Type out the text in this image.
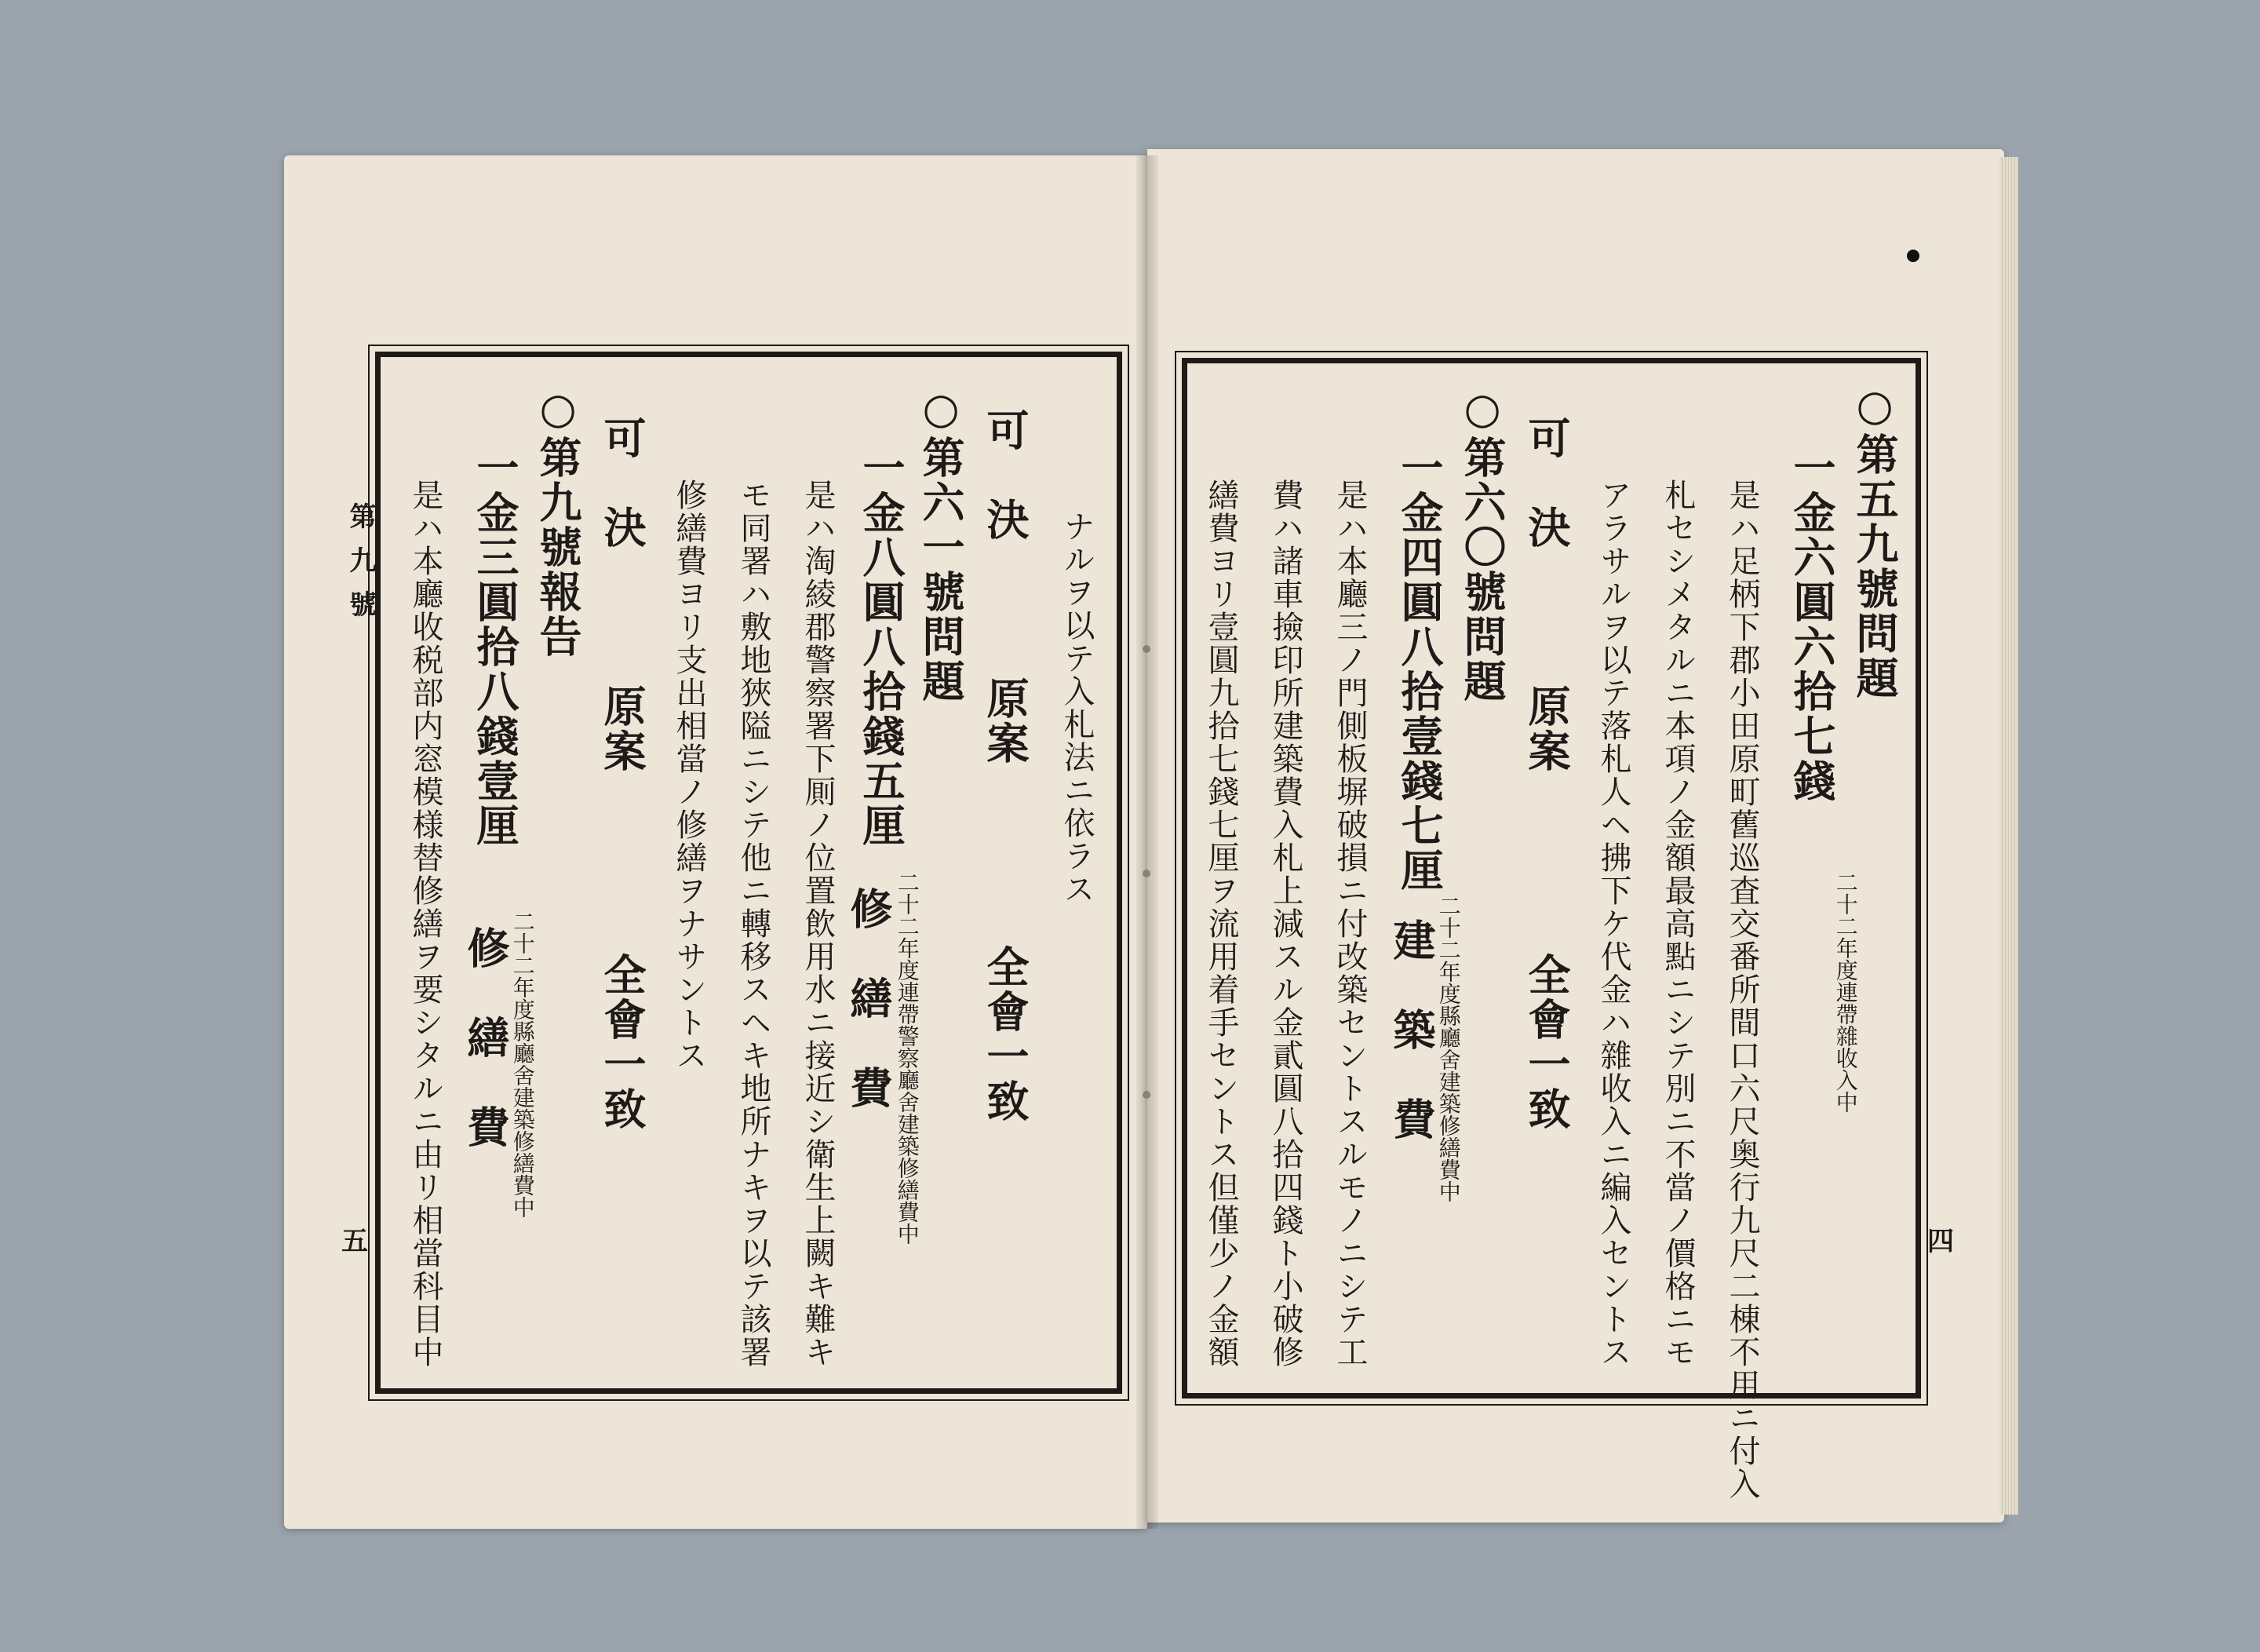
第九號
五
ナルヲ以テ入札法ニ依ラス
可　決　　　原案　　　　全會一致
○第六一號問題
一金八圓八拾錢五厘
二十二年度連帶警察廳舍建築修繕費中
修　繕　費
是ハ淘綾郡警察署下厠ノ位置飲用水ニ接近シ衛生上闕キ難キ
モ同署ハ敷地狹隘ニシテ他ニ轉移スヘキ地所ナキヲ以テ該署
修繕費ヨリ支出相當ノ修繕ヲナサントス
可　決　　　原案　　　　全會一致
○第九號報告
一金三圓拾八錢壹厘
二十二年度縣廳舍建築修繕費中
修　繕　費
是ハ本廳收税部内窓模様替修繕ヲ要シタルニ由リ相當科目中	四
○第五九號問題
一金六圓六拾七錢
二十二年度連帶雜收入中
是ハ足柄下郡小田原町舊巡査交番所間口六尺奥行九尺二棟不用ニ付入
札セシメタルニ本項ノ金額最高點ニシテ別ニ不當ノ價格ニモ
アラサルヲ以テ落札人ヘ拂下ケ代金ハ雜收入ニ編入セントス
可　決　　　原案　　　　全會一致
○第六〇號問題
一金四圓八拾壹錢七厘
二十二年度縣廳舍建築修繕費中
建　築　費
是ハ本廳三ノ門側板塀破損ニ付改築セントスルモノニシテ工
費ハ諸車撿印所建築費入札上減スル金貳圓八拾四錢ト小破修
繕費ヨリ壹圓九拾七錢七厘ヲ流用着手セントス但僅少ノ金額
